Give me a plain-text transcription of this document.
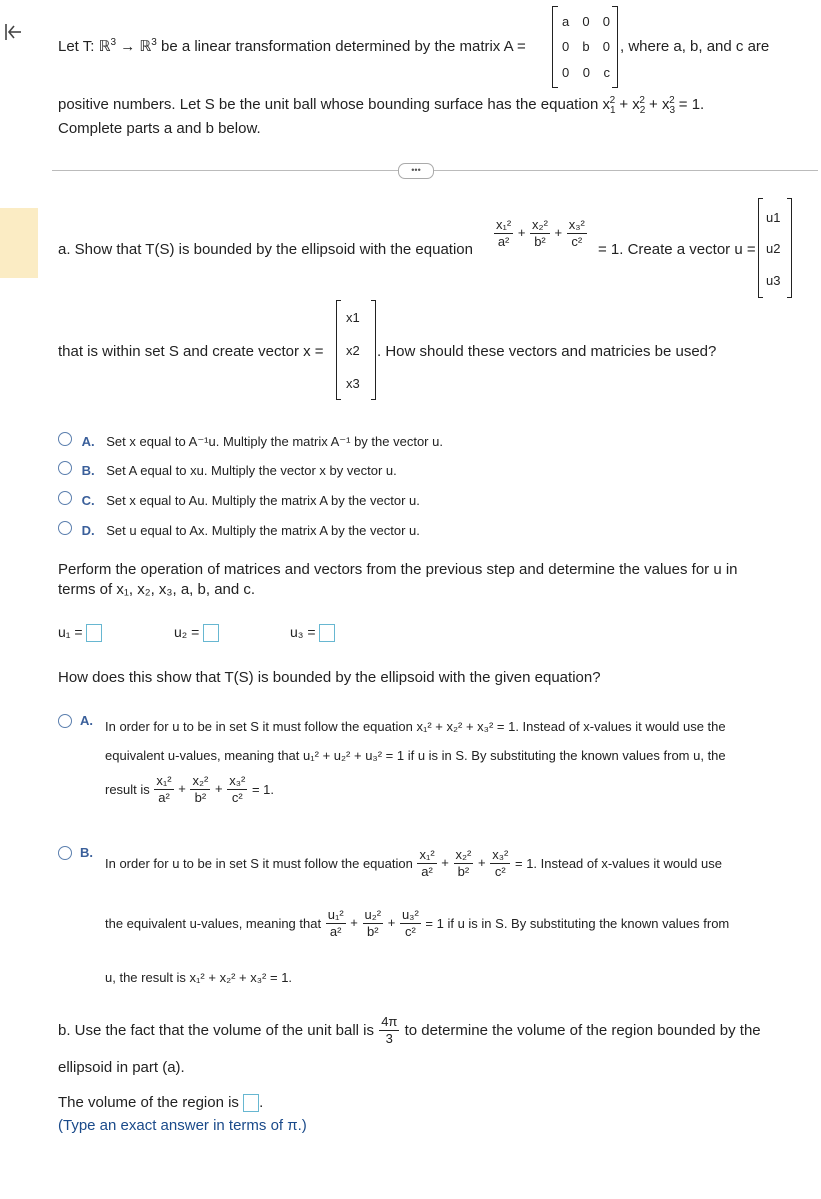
Let T: ℝ$^3$ → ℝ$^3$ be a linear transformation determined by the matrix A =
a 0 0
0 b 0
0 0 c
, where a, b, and c are
positive numbers. Let S be the unit ball whose bounding surface has the equation $x_1^2 + x_2^2 + x_3^2 = 1$.
Complete parts a and b below.
•••
a. Show that T(S) is bounded by the ellipsoid with the equation
$\frac{\text{x₁²}}{\text{a²}} + \frac{\text{x₂²}}{\text{b²}} + \frac{\text{x₃²}}{\text{c²}}$
= 1. Create a vector u =
u1
u2
u3
that is within set S and create vector x =
x1
x2
x3
. How should these vectors and matricies be used?
A. Set x equal to A⁻¹u. Multiply the matrix A⁻¹ by the vector u.
B. Set A equal to xu. Multiply the vector x by vector u.
C. Set x equal to Au. Multiply the matrix A by the vector u.
D. Set u equal to Ax. Multiply the matrix A by the vector u.
Perform the operation of matrices and vectors from the previous step and determine the values for u in
terms of x₁, x₂, x₃, a, b, and c.
u₁ =	u₂ =	u₃ =
How does this show that T(S) is bounded by the ellipsoid with the given equation?
A. In order for u to be in set S it must follow the equation x₁² + x₂² + x₃² = 1. Instead of x-values it would use the
equivalent u-values, meaning that u₁² + u₂² + u₃² = 1 if u is in S. By substituting the known values from u, the
result is $\frac{\text{x₁²}}{\text{a²}} + \frac{\text{x₂²}}{\text{b²}} + \frac{\text{x₃²}}{\text{c²}} = 1$.
B.
In order for u to be in set S it must follow the equation $\frac{\text{x₁²}}{\text{a²}} + \frac{\text{x₂²}}{\text{b²}} + \frac{\text{x₃²}}{\text{c²}} = 1$. Instead of x-values it would use
the equivalent u-values, meaning that $\frac{\text{u₁²}}{\text{a²}} + \frac{\text{u₂²}}{\text{b²}} + \frac{\text{u₃²}}{\text{c²}} = 1$ if u is in S. By substituting the known values from
u, the result is x₁² + x₂² + x₃² = 1.
b. Use the fact that the volume of the unit ball is $\frac{4\pi}{3}$ to determine the volume of the region bounded by the
ellipsoid in part (a).
The volume of the region is .
(Type an exact answer in terms of π.)
